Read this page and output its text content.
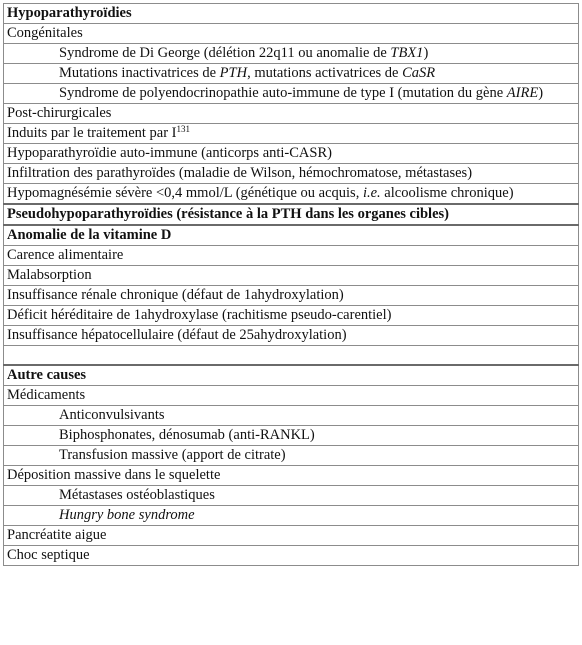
Hypoparathyroïdies
Congénitales
Syndrome de Di George (délétion 22q11 ou anomalie de TBX1)
Mutations inactivatrices de PTH, mutations activatrices de CaSR
Syndrome de polyendocrinopathie auto-immune de type I (mutation du gène AIRE)
Post-chirurgicales
Induits par le traitement par $I^{131}$
Hypoparathyroïdie auto-immune (anticorps anti-CASR)
Infiltration des parathyroïdes (maladie de Wilson, hémochromatose, métastases)
Hypomagnésémie sévère <0,4 mmol/L (génétique ou acquis, i.e. alcoolisme chronique)
Pseudohypoparathyroïdies (résistance à la PTH dans les organes cibles)
Anomalie de la vitamine D
Carence alimentaire
Malabsorption
Insuffisance rénale chronique (défaut de 1ahydroxylation)
Déficit héréditaire de 1ahydroxylase (rachitisme pseudo-carentiel)
Insuffisance hépatocellulaire (défaut de 25ahydroxylation)

Autre causes
Médicaments
Anticonvulsivants
Biphosphonates, dénosumab (anti-RANKL)
Transfusion massive (apport de citrate)
Déposition massive dans le squelette
Métastases ostéoblastiques
Hungry bone syndrome
Pancréatite aigue
Choc septique
